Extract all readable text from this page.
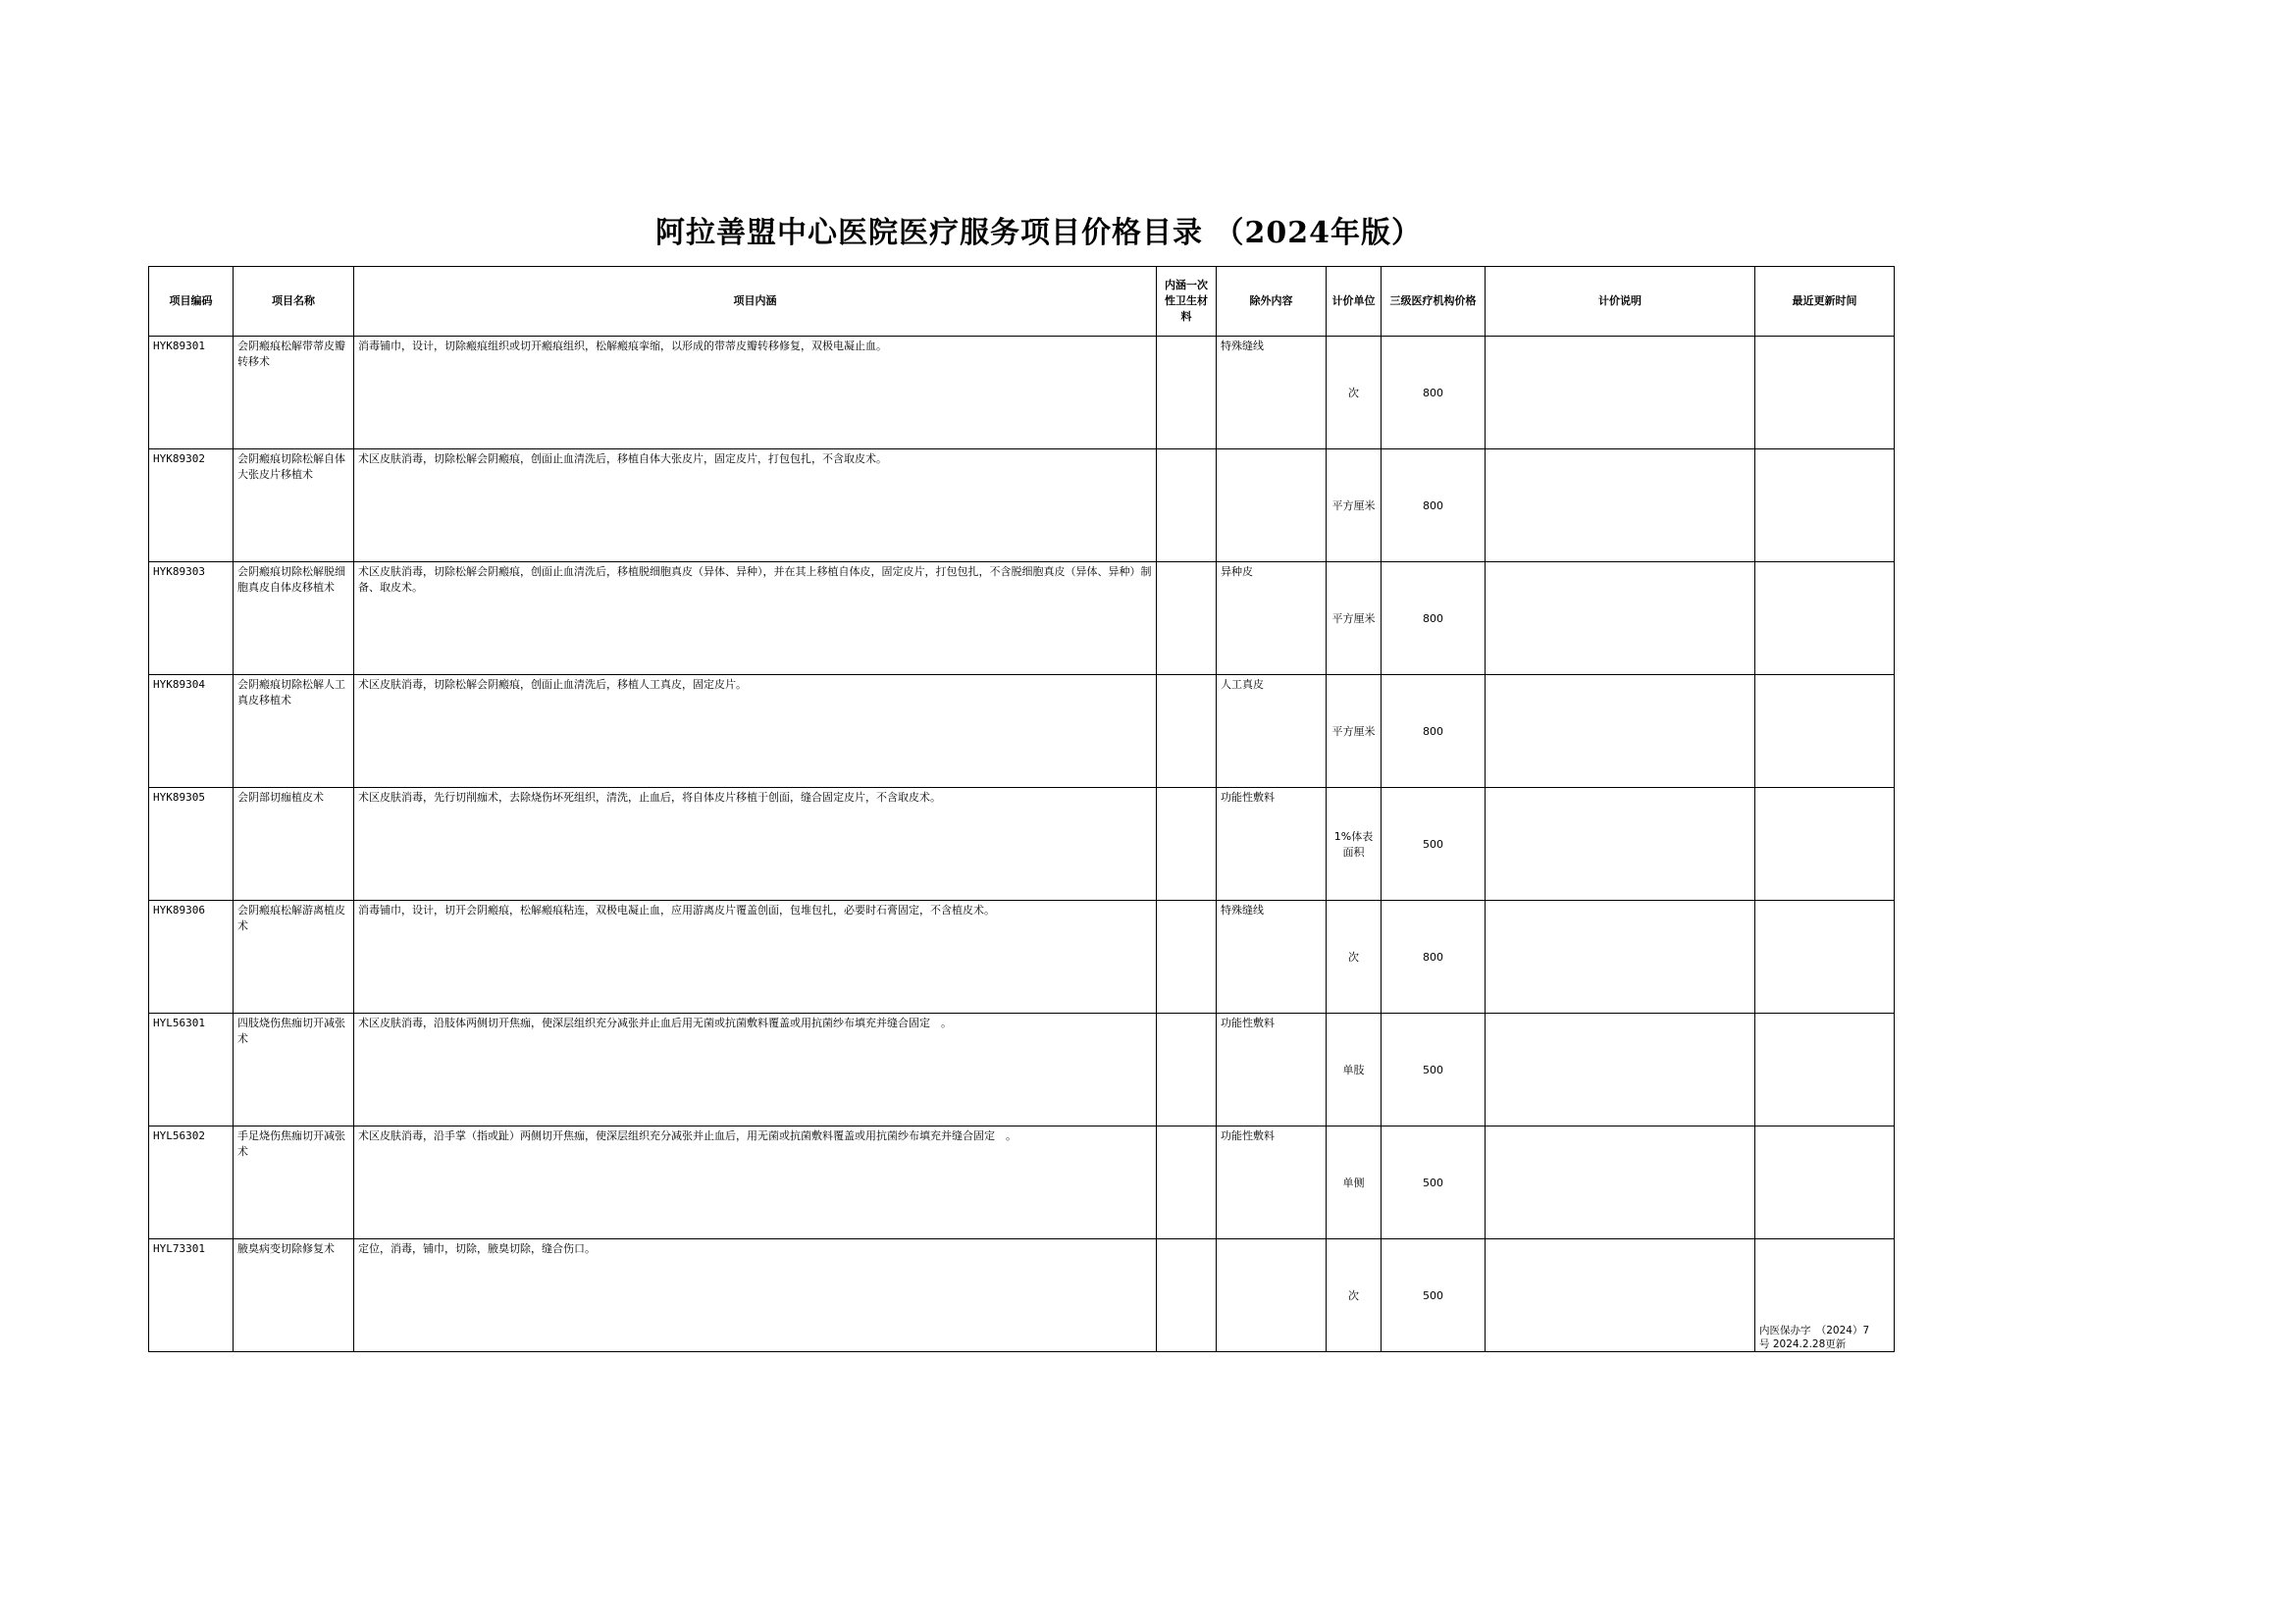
阿拉善盟中心医院医疗服务项目价格目录 （2024年版）
项目编码	项目名称	项目内涵	内涵一次性卫生材料	除外内容	计价单位	三级医疗机构价格	计价说明	最近更新时间
HYK89301	会阴瘢痕松解带蒂皮瓣转移术	消毒铺巾，设计，切除瘢痕组织或切开瘢痕组织，松解瘢痕挛缩，以形成的带蒂皮瓣转移修复，双极电凝止血。		特殊缝线	次	800		
HYK89302	会阴瘢痕切除松解自体大张皮片移植术	术区皮肤消毒，切除松解会阴瘢痕，创面止血清洗后，移植自体大张皮片，固定皮片，打包包扎，不含取皮术。			平方厘米	800		
HYK89303	会阴瘢痕切除松解脱细胞真皮自体皮移植术	术区皮肤消毒，切除松解会阴瘢痕，创面止血清洗后，移植脱细胞真皮（异体、异种），并在其上移植自体皮，固定皮片，打包包扎，不含脱细胞真皮（异体、异种）制备、取皮术。		异种皮	平方厘米	800		
HYK89304	会阴瘢痕切除松解人工真皮移植术	术区皮肤消毒，切除松解会阴瘢痕，创面止血清洗后，移植人工真皮，固定皮片。		人工真皮	平方厘米	800		
HYK89305	会阴部切痂植皮术	术区皮肤消毒，先行切削痂术，去除烧伤坏死组织，清洗，止血后，将自体皮片移植于创面，缝合固定皮片，不含取皮术。		功能性敷料	1%体表面积	500		
HYK89306	会阴瘢痕松解游离植皮术	消毒铺巾，设计，切开会阴瘢痕，松解瘢痕粘连，双极电凝止血，应用游离皮片覆盖创面，包堆包扎，必要时石膏固定，不含植皮术。		特殊缝线	次	800		
HYL56301	四肢烧伤焦痂切开减张术	术区皮肤消毒，沿肢体两侧切开焦痂，使深层组织充分减张并止血后用无菌或抗菌敷料覆盖或用抗菌纱布填充并缝合固定　。		功能性敷料	单肢	500		
HYL56302	手足烧伤焦痂切开减张术	术区皮肤消毒，沿手掌（指或趾）两侧切开焦痂，使深层组织充分减张并止血后，用无菌或抗菌敷料覆盖或用抗菌纱布填充并缝合固定　。		功能性敷料	单侧	500		
HYL73301	腋臭病变切除修复术	定位，消毒，铺巾，切除，腋臭切除，缝合伤口。			次	500		内医保办字　（2024）7
号 2024.2.28更新
